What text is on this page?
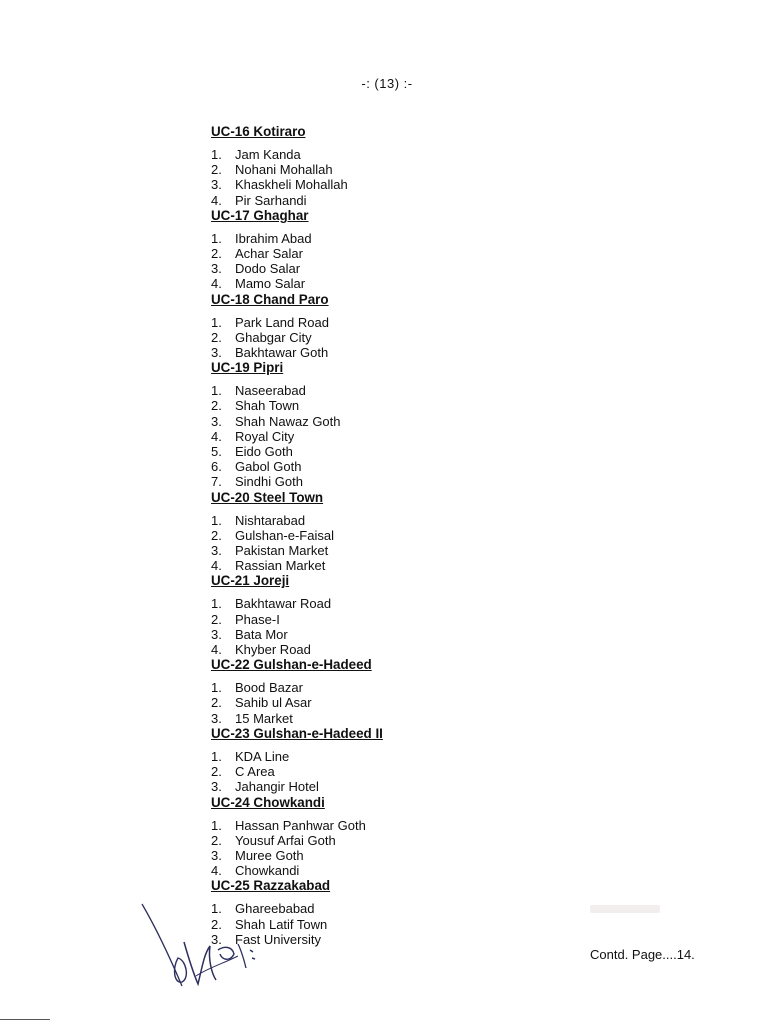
-: (13) :-
UC-16 Kotiraro
1.	Jam Kanda
2.	Nohani Mohallah
3.	Khaskheli Mohallah
4.	Pir Sarhandi
UC-17 Ghaghar
1.	Ibrahim Abad
2.	Achar Salar
3.	Dodo Salar
4.	Mamo Salar
UC-18 Chand Paro
1.	Park Land Road
2.	Ghabgar City
3.	Bakhtawar Goth
UC-19 Pipri
1.	Naseerabad
2.	Shah Town
3.	Shah Nawaz Goth
4.	Royal City
5.	Eido Goth
6.	Gabol Goth
7.	Sindhi Goth
UC-20 Steel Town
1.	Nishtarabad
2.	Gulshan-e-Faisal
3.	Pakistan Market
4.	Rassian Market
UC-21 Joreji
1.	Bakhtawar Road
2.	Phase-I
3.	Bata Mor
4.	Khyber Road
UC-22 Gulshan-e-Hadeed
1.	Bood Bazar
2.	Sahib ul Asar
3.	15 Market
UC-23 Gulshan-e-Hadeed II
1.	KDA Line
2.	C Area
3.	Jahangir Hotel
UC-24 Chowkandi
1.	Hassan Panhwar Goth
2.	Yousuf Arfai Goth
3.	Muree Goth
4.	Chowkandi
UC-25 Razzakabad
1.	Ghareebabad
2.	Shah Latif Town
3.	Fast University
Contd. Page....14.
